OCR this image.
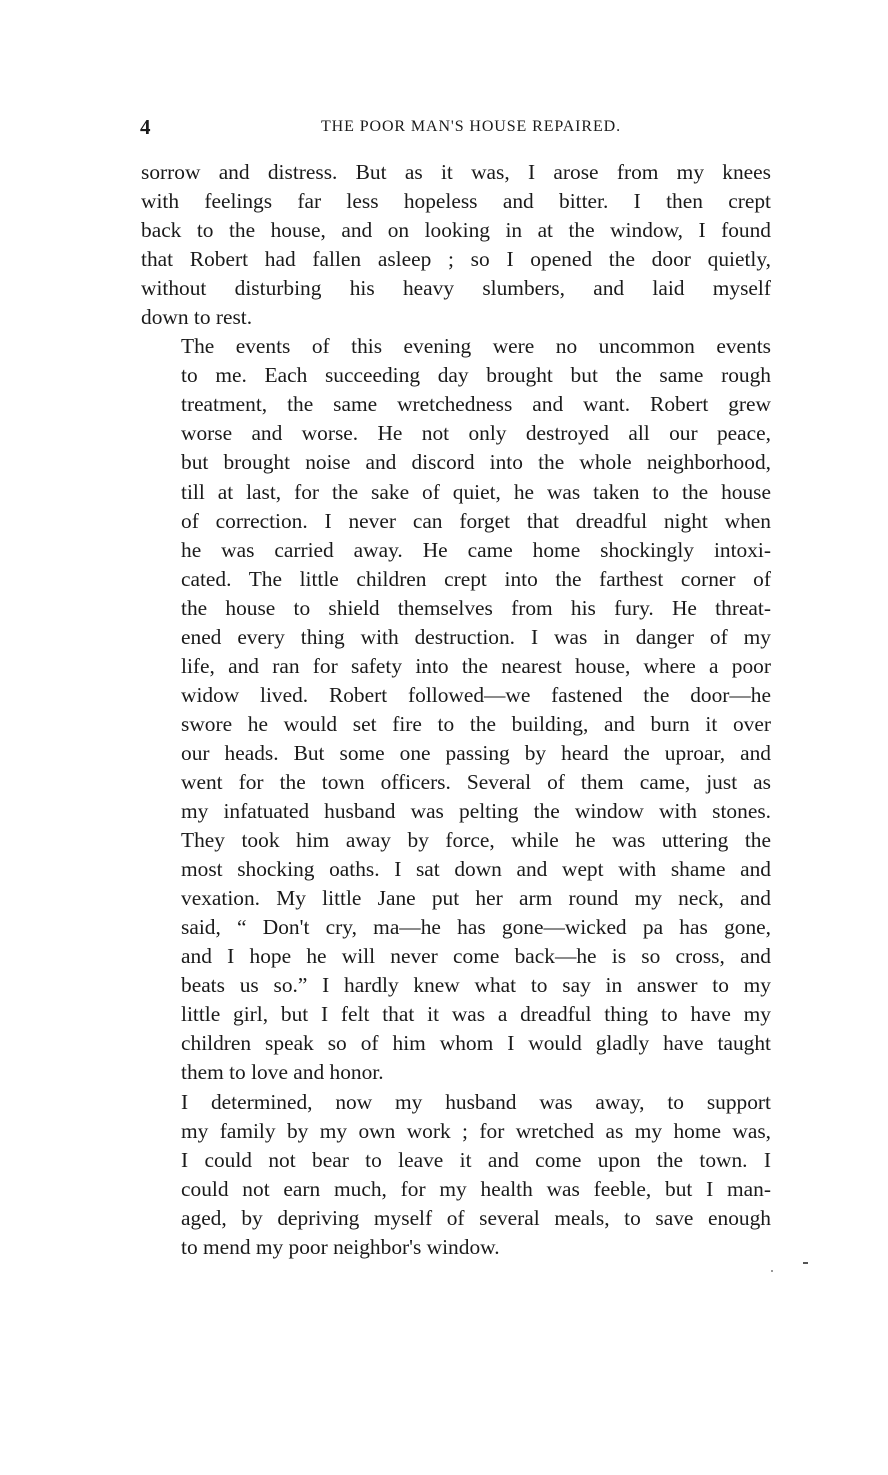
4	THE POOR MAN'S HOUSE REPAIRED.

sorrow and distress. But as it was, I arose from my knees
with feelings far less hopeless and bitter. I then crept
back to the house, and on looking in at the window, I found
that Robert had fallen asleep ; so I opened the door quietly,
without disturbing his heavy slumbers, and laid myself
down to rest.

The events of this evening were no uncommon events
to me. Each succeeding day brought but the same rough
treatment, the same wretchedness and want. Robert grew
worse and worse. He not only destroyed all our peace,
but brought noise and discord into the whole neighborhood,
till at last, for the sake of quiet, he was taken to the house
of correction. I never can forget that dreadful night when
he was carried away. He came home shockingly intoxi-
cated. The little children crept into the farthest corner of
the house to shield themselves from his fury. He threat-
ened every thing with destruction. I was in danger of my
life, and ran for safety into the nearest house, where a poor
widow lived. Robert followed—we fastened the door—he
swore he would set fire to the building, and burn it over
our heads. But some one passing by heard the uproar, and
went for the town officers. Several of them came, just as
my infatuated husband was pelting the window with stones.
They took him away by force, while he was uttering the
most shocking oaths. I sat down and wept with shame and
vexation. My little Jane put her arm round my neck, and
said, “ Don't cry, ma—he has gone—wicked pa has gone,
and I hope he will never come back—he is so cross, and
beats us so.” I hardly knew what to say in answer to my
little girl, but I felt that it was a dreadful thing to have my
children speak so of him whom I would gladly have taught
them to love and honor.

I determined, now my husband was away, to support
my family by my own work ; for wretched as my home was,
I could not bear to leave it and come upon the town. I
could not earn much, for my health was feeble, but I man-
aged, by depriving myself of several meals, to save enough
to mend my poor neighbor's window.
